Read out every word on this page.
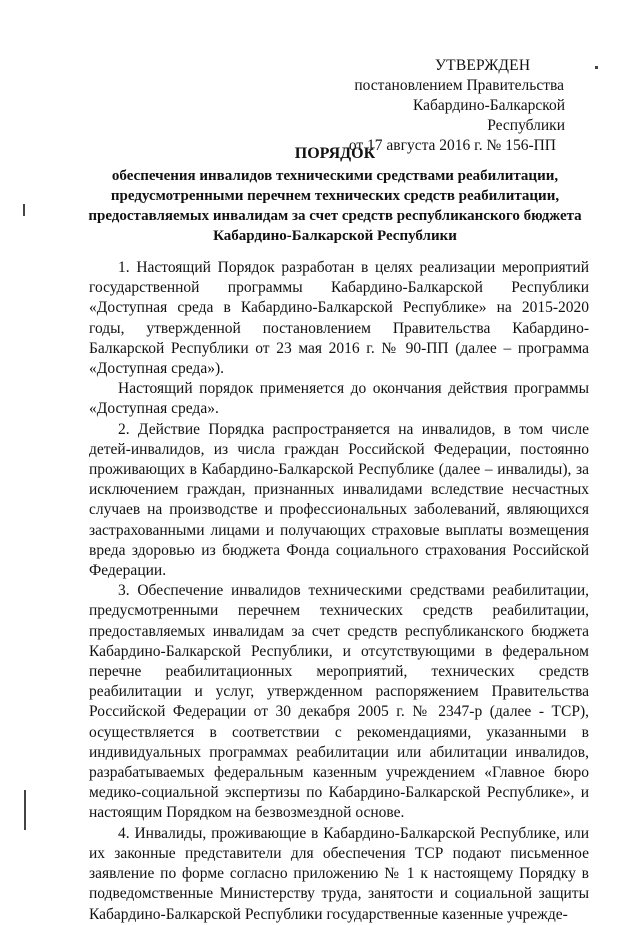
УТВЕРЖДЕН
постановлением Правительства
Кабардино-Балкарской Республики
от 17 августа 2016 г. № 156-ПП
ПОРЯДОК
обеспечения инвалидов техническими средствами реабилитации, предусмотренными перечнем технических средств реабилитации, предоставляемых инвалидам за счет средств республиканского бюджета Кабардино-Балкарской Республики

1. Настоящий Порядок разработан в целях реализации мероприятий государственной программы Кабардино-Балкарской Республики «Доступная среда в Кабардино-Балкарской Республике» на 2015-2020 годы, утвержденной постановлением Правительства Кабардино-Балкарской Республики от 23 мая 2016 г. № 90-ПП (далее – программа «Доступная среда»).

Настоящий порядок применяется до окончания действия программы «Доступная среда».

2. Действие Порядка распространяется на инвалидов, в том числе детей-инвалидов, из числа граждан Российской Федерации, постоянно проживающих в Кабардино-Балкарской Республике (далее – инвалиды), за исключением граждан, признанных инвалидами вследствие несчастных случаев на производстве и профессиональных заболеваний, являющихся застрахованными лицами и получающих страховые выплаты возмещения вреда здоровью из бюджета Фонда социального страхования Российской Федерации.

3. Обеспечение инвалидов техническими средствами реабилитации, предусмотренными перечнем технических средств реабилитации, предоставляемых инвалидам за счет средств республиканского бюджета Кабардино-Балкарской Республики, и отсутствующими в федеральном перечне реабилитационных мероприятий, технических средств реабилитации и услуг, утвержденном распоряжением Правительства Российской Федерации от 30 декабря 2005 г. № 2347-р (далее - ТСР), осуществляется в соответствии с рекомендациями, указанными в индивидуальных программах реабилитации или абилитации инвалидов, разрабатываемых федеральным казенным учреждением «Главное бюро медико-социальной экспертизы по Кабардино-Балкарской Республике», и настоящим Порядком на безвозмездной основе.

4. Инвалиды, проживающие в Кабардино-Балкарской Республике, или их законные представители для обеспечения ТСР подают письменное заявление по форме согласно приложению № 1 к настоящему Порядку в подведомственные Министерству труда, занятости и социальной защиты Кабардино-Балкарской Республики государственные казенные учрежде-
